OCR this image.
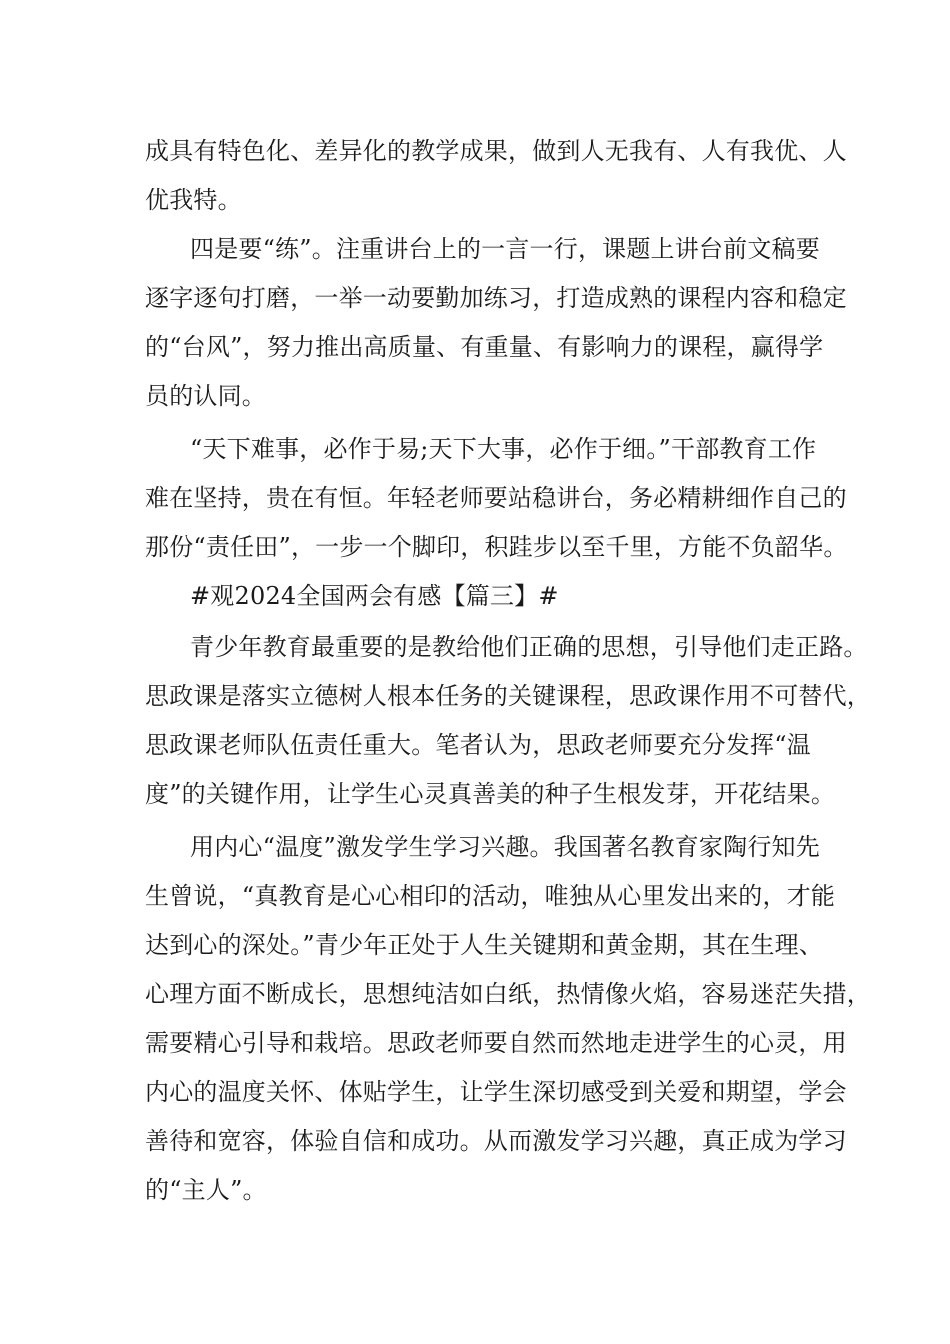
成具有特色化、差异化的教学成果，做到人无我有、人有我优、人
优我特。
四是要“练”。注重讲台上的一言一行，课题上讲台前文稿要
逐字逐句打磨，一举一动要勤加练习，打造成熟的课程内容和稳定
的“台风”，努力推出高质量、有重量、有影响力的课程，赢得学
员的认同。
“天下难事，必作于易;天下大事，必作于细。”干部教育工作
难在坚持，贵在有恒。年轻老师要站稳讲台，务必精耕细作自己的
那份“责任田”，一步一个脚印，积跬步以至千里，方能不负韶华。
#观2024全国两会有感【篇三】#
青少年教育最重要的是教给他们正确的思想，引导他们走正路。
思政课是落实立德树人根本任务的关键课程，思政课作用不可替代，
思政课老师队伍责任重大。笔者认为，思政老师要充分发挥“温
度”的关键作用，让学生心灵真善美的种子生根发芽，开花结果。
用内心“温度”激发学生学习兴趣。我国著名教育家陶行知先
生曾说，“真教育是心心相印的活动，唯独从心里发出来的，才能
达到心的深处。”青少年正处于人生关键期和黄金期，其在生理、
心理方面不断成长，思想纯洁如白纸，热情像火焰，容易迷茫失措，
需要精心引导和栽培。思政老师要自然而然地走进学生的心灵，用
内心的温度关怀、体贴学生，让学生深切感受到关爱和期望，学会
善待和宽容，体验自信和成功。从而激发学习兴趣，真正成为学习
的“主人”。
